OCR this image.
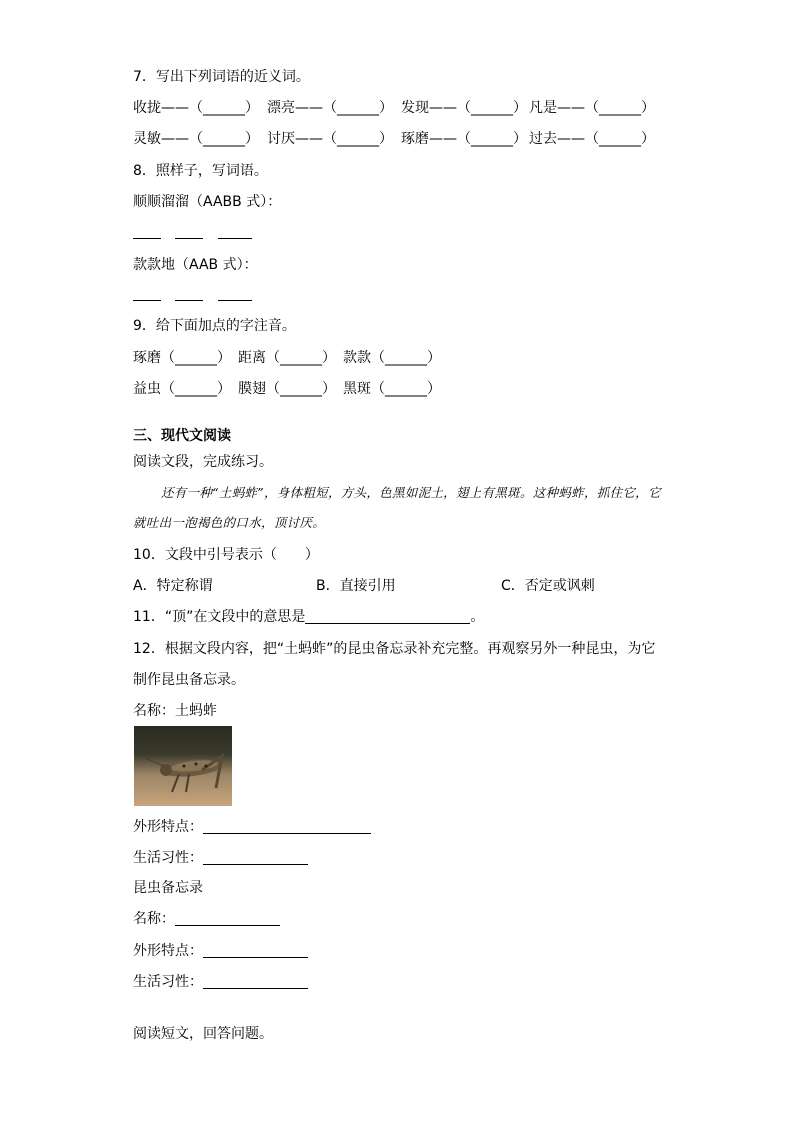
7．写出下列词语的近义词。
收拢——（______） 漂亮——（______） 发现——（______） 凡是——（______）
灵敏——（______） 讨厌——（______） 琢磨——（______） 过去——（______）
8．照样子，写词语。
顺顺溜溜（AABB 式）：
款款地（AAB 式）：
9．给下面加点的字注音。
琢磨（______） 距离（______） 款款（______）
益虫（______） 膜翅（______） 黑斑（______）
三、现代文阅读
阅读文段，完成练习。
还有一种“土蚂蚱”，身体粗短，方头，色黑如泥土，翅上有黑斑。这种蚂蚱，抓住它，它就吐出一泡褐色的口水，顶讨厌。
10．文段中引号表示（　　）
A．特定称谓	B．直接引用	C．否定或讽刺
11．“顶”在文段中的意思是	。
12．根据文段内容，把“土蚂蚱”的昆虫备忘录补充完整。再观察另外一种昆虫，为它
制作昆虫备忘录。
名称：土蚂蚱
外形特点：
生活习性：
昆虫备忘录
名称：
外形特点：
生活习性：
阅读短文，回答问题。
